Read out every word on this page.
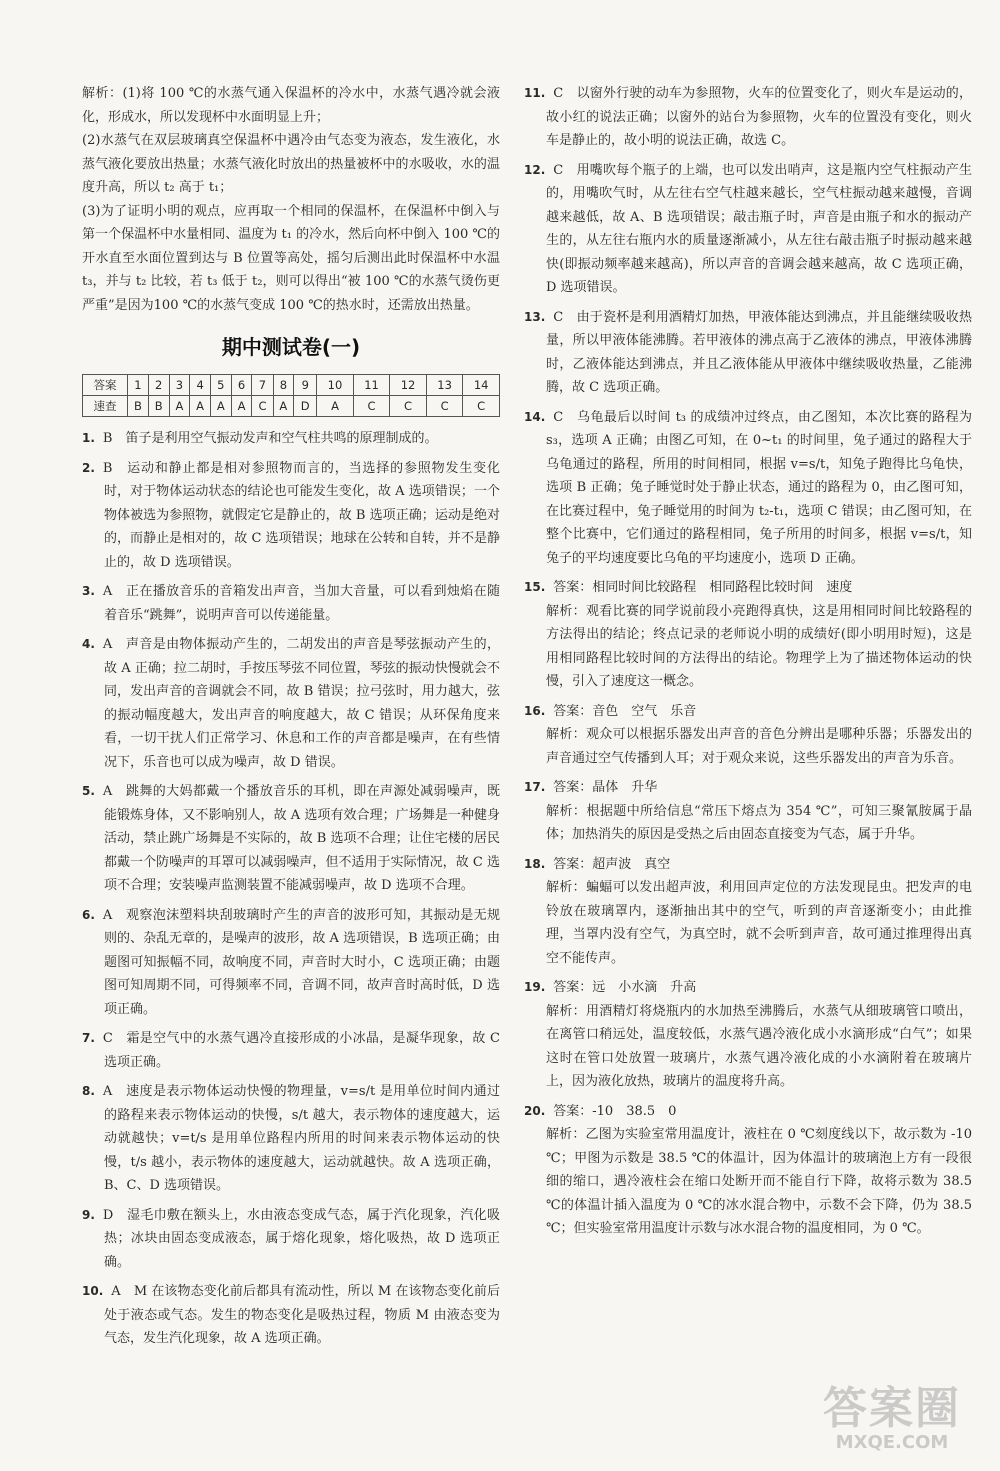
解析：(1)将 100 ℃的水蒸气通入保温杯的冷水中，水蒸气遇冷就会液化，形成水，所以发现杯中水面明显上升；

(2)水蒸气在双层玻璃真空保温杯中遇冷由气态变为液态，发生液化，水蒸气液化要放出热量；水蒸气液化时放出的热量被杯中的水吸收，水的温度升高，所以 t₂ 高于 t₁；

(3)为了证明小明的观点，应再取一个相同的保温杯，在保温杯中倒入与第一个保温杯中水量相同、温度为 t₁ 的冷水，然后向杯中倒入 100 ℃的开水直至水面位置到达与 B 位置等高处，摇匀后测出此时保温杯中水温 t₃，并与 t₂ 比较，若 t₃ 低于 t₂，则可以得出“被 100 ℃的水蒸气烫伤更严重”是因为100 ℃的水蒸气变成 100 ℃的热水时，还需放出热量。

期中测试卷(一)
答案	1	2	3	4	5	6	7	8	9	10	11	12	13	14
速查	B	B	A	A	A	A	C	A	D	A	C	C	C	C

1. B　笛子是利用空气振动发声和空气柱共鸣的原理制成的。

2. B　运动和静止都是相对参照物而言的，当选择的参照物发生变化时，对于物体运动状态的结论也可能发生变化，故 A 选项错误；一个物体被选为参照物，就假定它是静止的，故 B 选项正确；运动是绝对的，而静止是相对的，故 C 选项错误；地球在公转和自转，并不是静止的，故 D 选项错误。

3. A　正在播放音乐的音箱发出声音，当加大音量，可以看到烛焰在随着音乐“跳舞”，说明声音可以传递能量。

4. A　声音是由物体振动产生的，二胡发出的声音是琴弦振动产生的，故 A 正确；拉二胡时，手按压琴弦不同位置，琴弦的振动快慢就会不同，发出声音的音调就会不同，故 B 错误；拉弓弦时，用力越大，弦的振动幅度越大，发出声音的响度越大，故 C 错误；从环保角度来看，一切干扰人们正常学习、休息和工作的声音都是噪声，在有些情况下，乐音也可以成为噪声，故 D 错误。

5. A　跳舞的大妈都戴一个播放音乐的耳机，即在声源处减弱噪声，既能锻炼身体，又不影响别人，故 A 选项有效合理；广场舞是一种健身活动，禁止跳广场舞是不实际的，故 B 选项不合理；让住宅楼的居民都戴一个防噪声的耳罩可以减弱噪声，但不适用于实际情况，故 C 选项不合理；安装噪声监测装置不能减弱噪声，故 D 选项不合理。

6. A　观察泡沫塑料块刮玻璃时产生的声音的波形可知，其振动是无规则的、杂乱无章的，是噪声的波形，故 A 选项错误，B 选项正确；由题图可知振幅不同，故响度不同，声音时大时小，C 选项正确；由题图可知周期不同，可得频率不同，音调不同，故声音时高时低，D 选项正确。

7. C　霜是空气中的水蒸气遇冷直接形成的小冰晶，是凝华现象，故 C 选项正确。

8. A　速度是表示物体运动快慢的物理量，v=s/t 是用单位时间内通过的路程来表示物体运动的快慢，s/t 越大，表示物体的速度越大，运动就越快；v=t/s 是用单位路程内所用的时间来表示物体运动的快慢，t/s 越小，表示物体的速度越大，运动就越快。故 A 选项正确，B、C、D 选项错误。

9. D　湿毛巾敷在额头上，水由液态变成气态，属于汽化现象，汽化吸热；冰块由固态变成液态，属于熔化现象，熔化吸热，故 D 选项正确。

10. A　M 在该物态变化前后都具有流动性，所以 M 在该物态变化前后处于液态或气态。发生的物态变化是吸热过程，物质 M 由液态变为气态，发生汽化现象，故 A 选项正确。

11. C　以窗外行驶的动车为参照物，火车的位置变化了，则火车是运动的，故小红的说法正确；以窗外的站台为参照物，火车的位置没有变化，则火车是静止的，故小明的说法正确，故选 C。

12. C　用嘴吹每个瓶子的上端，也可以发出哨声，这是瓶内空气柱振动产生的，用嘴吹气时，从左往右空气柱越来越长，空气柱振动越来越慢，音调越来越低，故 A、B 选项错误；敲击瓶子时，声音是由瓶子和水的振动产生的，从左往右瓶内水的质量逐渐减小，从左往右敲击瓶子时振动越来越快(即振动频率越来越高)，所以声音的音调会越来越高，故 C 选项正确，D 选项错误。

13. C　由于瓷杯是利用酒精灯加热，甲液体能达到沸点，并且能继续吸收热量，所以甲液体能沸腾。若甲液体的沸点高于乙液体的沸点，甲液体沸腾时，乙液体能达到沸点，并且乙液体能从甲液体中继续吸收热量，乙能沸腾，故 C 选项正确。

14. C　乌龟最后以时间 t₃ 的成绩冲过终点，由乙图知，本次比赛的路程为 s₃，选项 A 正确；由图乙可知，在 0~t₁ 的时间里，兔子通过的路程大于乌龟通过的路程，所用的时间相同，根据 v=s/t，知兔子跑得比乌龟快，选项 B 正确；兔子睡觉时处于静止状态，通过的路程为 0，由乙图可知，在比赛过程中，兔子睡觉用的时间为 t₂-t₁，选项 C 错误；由乙图可知，在整个比赛中，它们通过的路程相同，兔子所用的时间多，根据 v=s/t，知兔子的平均速度要比乌龟的平均速度小，选项 D 正确。

15. 答案：相同时间比较路程　相同路程比较时间　速度

解析：观看比赛的同学说前段小亮跑得真快，这是用相同时间比较路程的方法得出的结论；终点记录的老师说小明的成绩好(即小明用时短)，这是用相同路程比较时间的方法得出的结论。物理学上为了描述物体运动的快慢，引入了速度这一概念。

16. 答案：音色　空气　乐音

解析：观众可以根据乐器发出声音的音色分辨出是哪种乐器；乐器发出的声音通过空气传播到人耳；对于观众来说，这些乐器发出的声音为乐音。

17. 答案：晶体　升华

解析：根据题中所给信息“常压下熔点为 354 ℃”，可知三聚氰胺属于晶体；加热消失的原因是受热之后由固态直接变为气态，属于升华。

18. 答案：超声波　真空

解析：蝙蝠可以发出超声波，利用回声定位的方法发现昆虫。把发声的电铃放在玻璃罩内，逐渐抽出其中的空气，听到的声音逐渐变小；由此推理，当罩内没有空气，为真空时，就不会听到声音，故可通过推理得出真空不能传声。

19. 答案：远　小水滴　升高

解析：用酒精灯将烧瓶内的水加热至沸腾后，水蒸气从细玻璃管口喷出，在离管口稍远处，温度较低，水蒸气遇冷液化成小水滴形成“白气”；如果这时在管口处放置一玻璃片，水蒸气遇冷液化成的小水滴附着在玻璃片上，因为液化放热，玻璃片的温度将升高。

20. 答案：-10　38.5　0

解析：乙图为实验室常用温度计，液柱在 0 ℃刻度线以下，故示数为 -10 ℃；甲图为示数是 38.5 ℃的体温计，因为体温计的玻璃泡上方有一段很细的缩口，遇冷液柱会在缩口处断开而不能自行下降，故将示数为 38.5 ℃的体温计插入温度为 0 ℃的冰水混合物中，示数不会下降，仍为 38.5 ℃；但实验室常用温度计示数与冰水混合物的温度相同，为 0 ℃。

答案圈
MXQE.COM
